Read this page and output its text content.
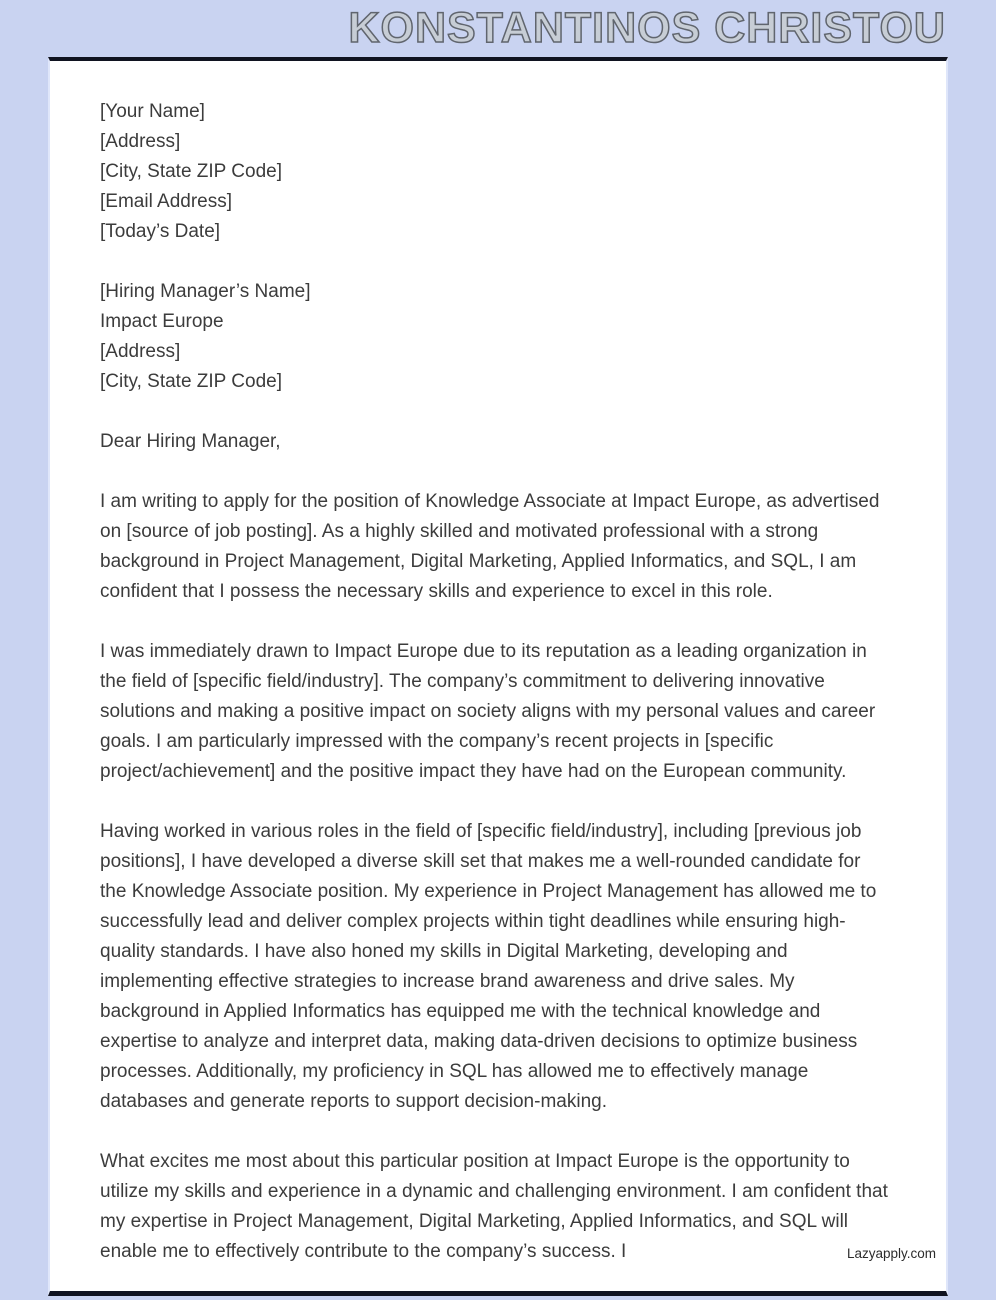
KONSTANTINOS CHRISTOU
[Your Name]
[Address]
[City, State ZIP Code]
[Email Address]
[Today’s Date]
[Hiring Manager’s Name]
Impact Europe
[Address]
[City, State ZIP Code]
Dear Hiring Manager,

I am writing to apply for the position of Knowledge Associate at Impact Europe, as advertised on [source of job posting]. As a highly skilled and motivated professional with a strong background in Project Management, Digital Marketing, Applied Informatics, and SQL, I am confident that I possess the necessary skills and experience to excel in this role.

I was immediately drawn to Impact Europe due to its reputation as a leading organization in the field of [specific field/industry]. The company’s commitment to delivering innovative solutions and making a positive impact on society aligns with my personal values and career goals. I am particularly impressed with the company’s recent projects in [specific project/achievement] and the positive impact they have had on the European community.

Having worked in various roles in the field of [specific field/industry], including [previous job positions], I have developed a diverse skill set that makes me a well-rounded candidate for the Knowledge Associate position. My experience in Project Management has allowed me to successfully lead and deliver complex projects within tight deadlines while ensuring high-quality standards. I have also honed my skills in Digital Marketing, developing and implementing effective strategies to increase brand awareness and drive sales. My background in Applied Informatics has equipped me with the technical knowledge and expertise to analyze and interpret data, making data-driven decisions to optimize business processes. Additionally, my proficiency in SQL has allowed me to effectively manage databases and generate reports to support decision-making.

What excites me most about this particular position at Impact Europe is the opportunity to utilize my skills and experience in a dynamic and challenging environment. I am confident that my expertise in Project Management, Digital Marketing, Applied Informatics, and SQL will enable me to effectively contribute to the company’s success. I	Lazyapply.com
